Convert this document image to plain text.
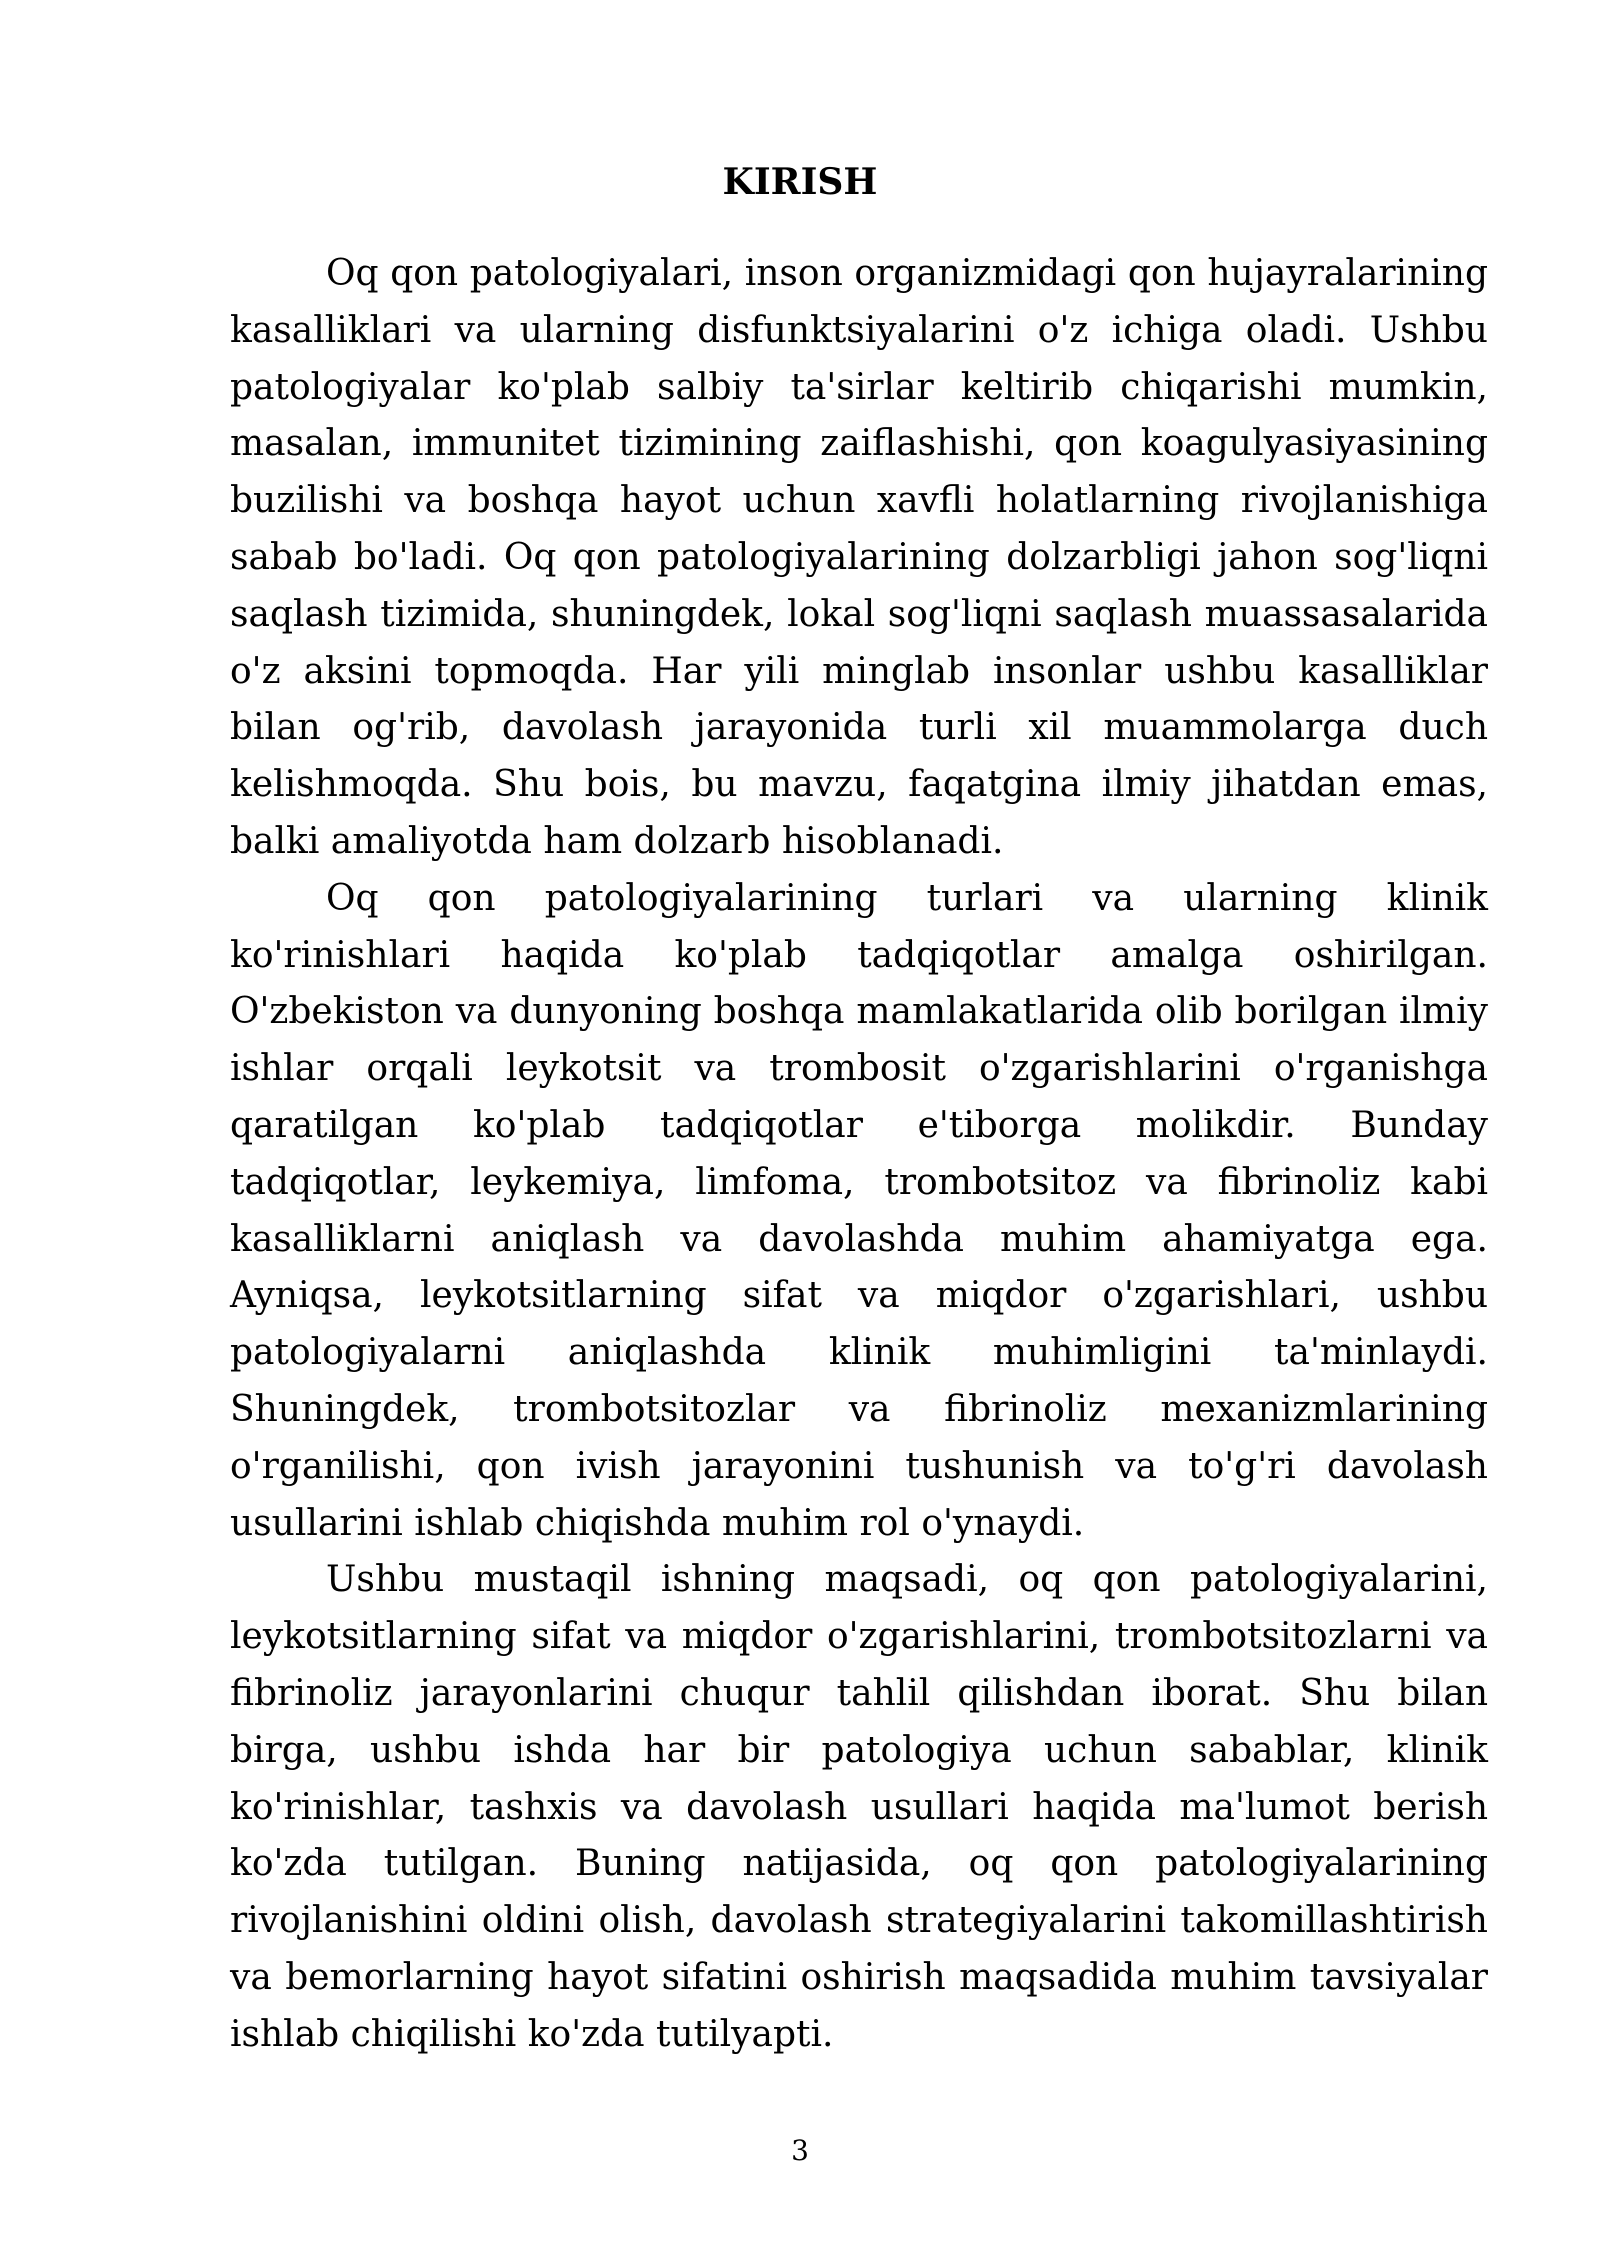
KIRISH

Oq qon patologiyalari, inson organizmidagi qon hujayralarining kasalliklari va ularning disfunktsiyalarini o'z ichiga oladi. Ushbu patologiyalar ko'plab salbiy ta'sirlar keltirib chiqarishi mumkin, masalan, immunitet tizimining zaiflashishi, qon koagulyasiyasining buzilishi va boshqa hayot uchun xavfli holatlarning rivojlanishiga sabab bo'ladi. Oq qon patologiyalarining dolzarbligi jahon sog'liqni saqlash tizimida, shuningdek, lokal sog'liqni saqlash muassasalarida o'z aksini topmoqda. Har yili minglab insonlar ushbu kasalliklar bilan og'rib, davolash jarayonida turli xil muammolarga duch kelishmoqda. Shu bois, bu mavzu, faqatgina ilmiy jihatdan emas, balki amaliyotda ham dolzarb hisoblanadi.

Oq qon patologiyalarining turlari va ularning klinik ko'rinishlari haqida ko'plab tadqiqotlar amalga oshirilgan. O'zbekiston va dunyoning boshqa mamlakatlarida olib borilgan ilmiy ishlar orqali leykotsit va trombosit o'zgarishlarini o'rganishga qaratilgan ko'plab tadqiqotlar e'tiborga molikdir. Bunday tadqiqotlar, leykemiya, limfoma, trombotsitoz va fibrinoliz kabi kasalliklarni aniqlash va davolashda muhim ahamiyatga ega. Ayniqsa, leykotsitlarning sifat va miqdor o'zgarishlari, ushbu patologiyalarni aniqlashda klinik muhimligini ta'minlaydi. Shuningdek, trombotsitozlar va fibrinoliz mexanizmlarining o'rganilishi, qon ivish jarayonini tushunish va to'g'ri davolash usullarini ishlab chiqishda muhim rol o'ynaydi.

Ushbu mustaqil ishning maqsadi, oq qon patologiyalarini, leykotsitlarning sifat va miqdor o'zgarishlarini, trombotsitozlarni va fibrinoliz jarayonlarini chuqur tahlil qilishdan iborat. Shu bilan birga, ushbu ishda har bir patologiya uchun sabablar, klinik ko'rinishlar, tashxis va davolash usullari haqida ma'lumot berish ko'zda tutilgan. Buning natijasida, oq qon patologiyalarining rivojlanishini oldini olish, davolash strategiyalarini takomillashtirish va bemorlarning hayot sifatini oshirish maqsadida muhim tavsiyalar ishlab chiqilishi ko'zda tutilyapti.

3
